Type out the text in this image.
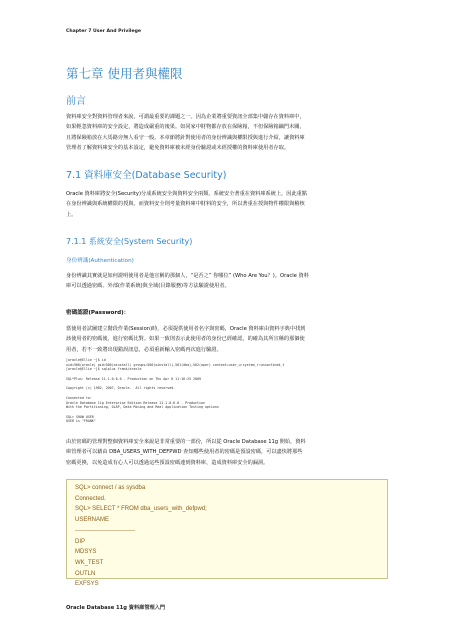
Chapter 7 User And Privilege
第七章 使用者與權限
前言
資料庫安全對資料管理者來說，可謂最重要的課題之一。因為企業將重要資訊全部集中儲存在資料庫中，
如果輕忽資料庫的安全設定，將造成嚴重的後果。如同家中財物都存放在保險箱，不但保險箱鑰門未關，
且將保險箱放在大馬路旁無人看守一般。本章節將針對使用者的身份辨識與權限授與進行介紹，讓資料庫
管理者了解資料庫安全的基本設定，避免資料庫被未經身份驗證或未經授權的資料庫使用者存取。
7.1 資料庫安全(Database Security)
Oracle 資料庫將安全(Security)分成系統安全與資料安全兩類。系統安全著重在資料庫系統上，因此重點
在身份辨識與系統權限的授與。而資料安全則考量資料庫中財料的安全，所以著重在授與物件權限與稽核
上。
7.1.1 系統安全(System Security)
身份辨識(Authentication)
身份辨識其實就是如何證明使用者是他宣稱的那個人，“是否之” 你哪位” (Who Are You？)。Oracle 資料
庫可以透過密碼、外部(作業系統)與全域(目錄服務)等方法驗證使用者。
密碼認證(Password)：
當使用者試圖建立階段作業(Session)時，必須提供使用者名字與密碼，Oracle 資料庫由資料字典中找到
該使用者的密碼後，進行密碼比對。如果一致則表示此使用者的身份已經確認，的確為其所宣稱的那個使
用者，若不一致將出現錯誤訊息，必須重新輸入密碼再次進行驗證。
[oracle@Ellie ~]$ id
uid=500(oracle) gid=500(oinstall) groups=500(oinstall),501(dba),502(oper) context=user_u:system_r:unconfined_t
[oracle@Ellie ~]$ sqlplus frank/oracle
SQL*Plus: Release 11.1.0.6.0 - Production on Thu Apr 8 11:16:25 2009
Copyright (c) 1982, 2007, Oracle.  All rights reserved.
Connected to:
Oracle Database 11g Enterprise Edition Release 11.1.0.6.0 - Production
With the Partitioning, OLAP, Data Mining and Real Application Testing options
SQL> SHOW USER
USER is "FRANK"
由於密碼的管理對整個資料庫安全來說是非常重要的一部份，所以從 Oracle Database 11g 開始，資料
庫管理者可以藉由 DBA_USERS_WITH_DEFPWD 查知哪些使用者的密碼是預設密碼，可以盡快將那些
密碼更換，以免造成有心人可以透過這些預設密碼連到資料庫，造成資料庫安全的漏洞。
SQL> connect / as sysdba
Connected.
SQL> SELECT * FROM dba_users_with_defpwd;
USERNAME
------------------------------
DIP
MDSYS
WK_TEST
OUTLN
EXFSYS
Oracle Database 11g 資料庫管理入門
